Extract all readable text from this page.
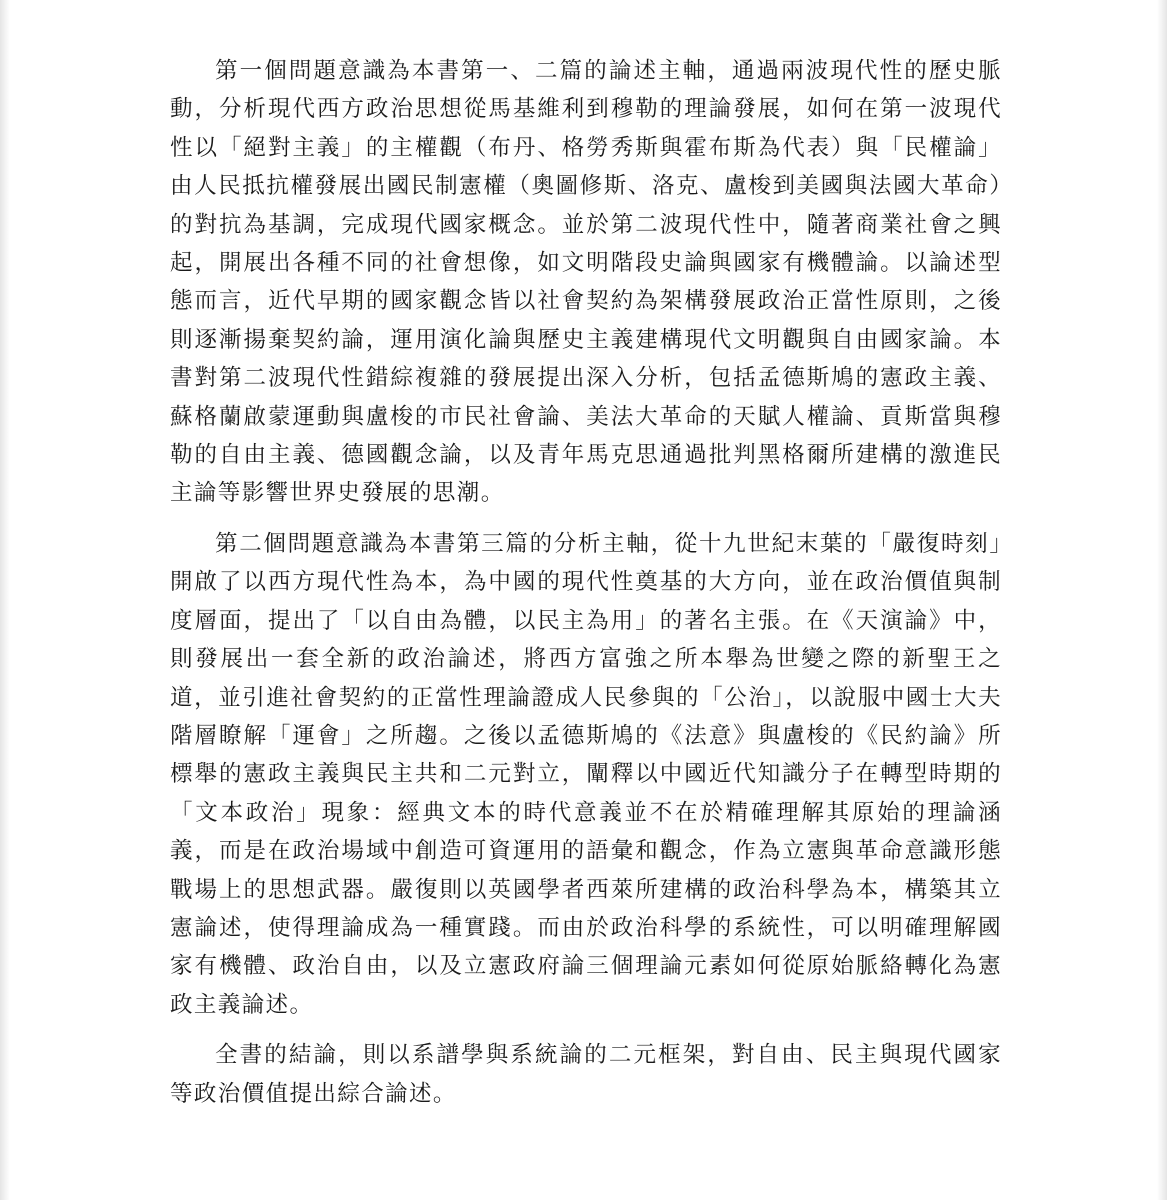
第一個問題意識為本書第一、二篇的論述主軸，通過兩波現代性的歷史脈動，分析現代西方政治思想從馬基維利到穆勒的理論發展，如何在第一波現代性以「絕對主義」的主權觀（布丹、格勞秀斯與霍布斯為代表）與「民權論」由人民抵抗權發展出國民制憲權（奧圖修斯、洛克、盧梭到美國與法國大革命）的對抗為基調，完成現代國家概念。並於第二波現代性中，隨著商業社會之興起，開展出各種不同的社會想像，如文明階段史論與國家有機體論。以論述型態而言，近代早期的國家觀念皆以社會契約為架構發展政治正當性原則，之後則逐漸揚棄契約論，運用演化論與歷史主義建構現代文明觀與自由國家論。本書對第二波現代性錯綜複雜的發展提出深入分析，包括孟德斯鳩的憲政主義、蘇格蘭啟蒙運動與盧梭的市民社會論、美法大革命的天賦人權論、貢斯當與穆勒的自由主義、德國觀念論，以及青年馬克思通過批判黑格爾所建構的激進民主論等影響世界史發展的思潮。

第二個問題意識為本書第三篇的分析主軸，從十九世紀末葉的「嚴復時刻」開啟了以西方現代性為本，為中國的現代性奠基的大方向，並在政治價值與制度層面，提出了「以自由為體，以民主為用」的著名主張。在《天演論》中，則發展出一套全新的政治論述，將西方富強之所本舉為世變之際的新聖王之道，並引進社會契約的正當性理論證成人民參與的「公治」，以說服中國士大夫階層瞭解「運會」之所趨。之後以孟德斯鳩的《法意》與盧梭的《民約論》所標舉的憲政主義與民主共和二元對立，闡釋以中國近代知識分子在轉型時期的「文本政治」現象：經典文本的時代意義並不在於精確理解其原始的理論涵義，而是在政治場域中創造可資運用的語彙和觀念，作為立憲與革命意識形態戰場上的思想武器。嚴復則以英國學者西萊所建構的政治科學為本，構築其立憲論述，使得理論成為一種實踐。而由於政治科學的系統性，可以明確理解國家有機體、政治自由，以及立憲政府論三個理論元素如何從原始脈絡轉化為憲政主義論述。

全書的結論，則以系譜學與系統論的二元框架，對自由、民主與現代國家等政治價值提出綜合論述。
